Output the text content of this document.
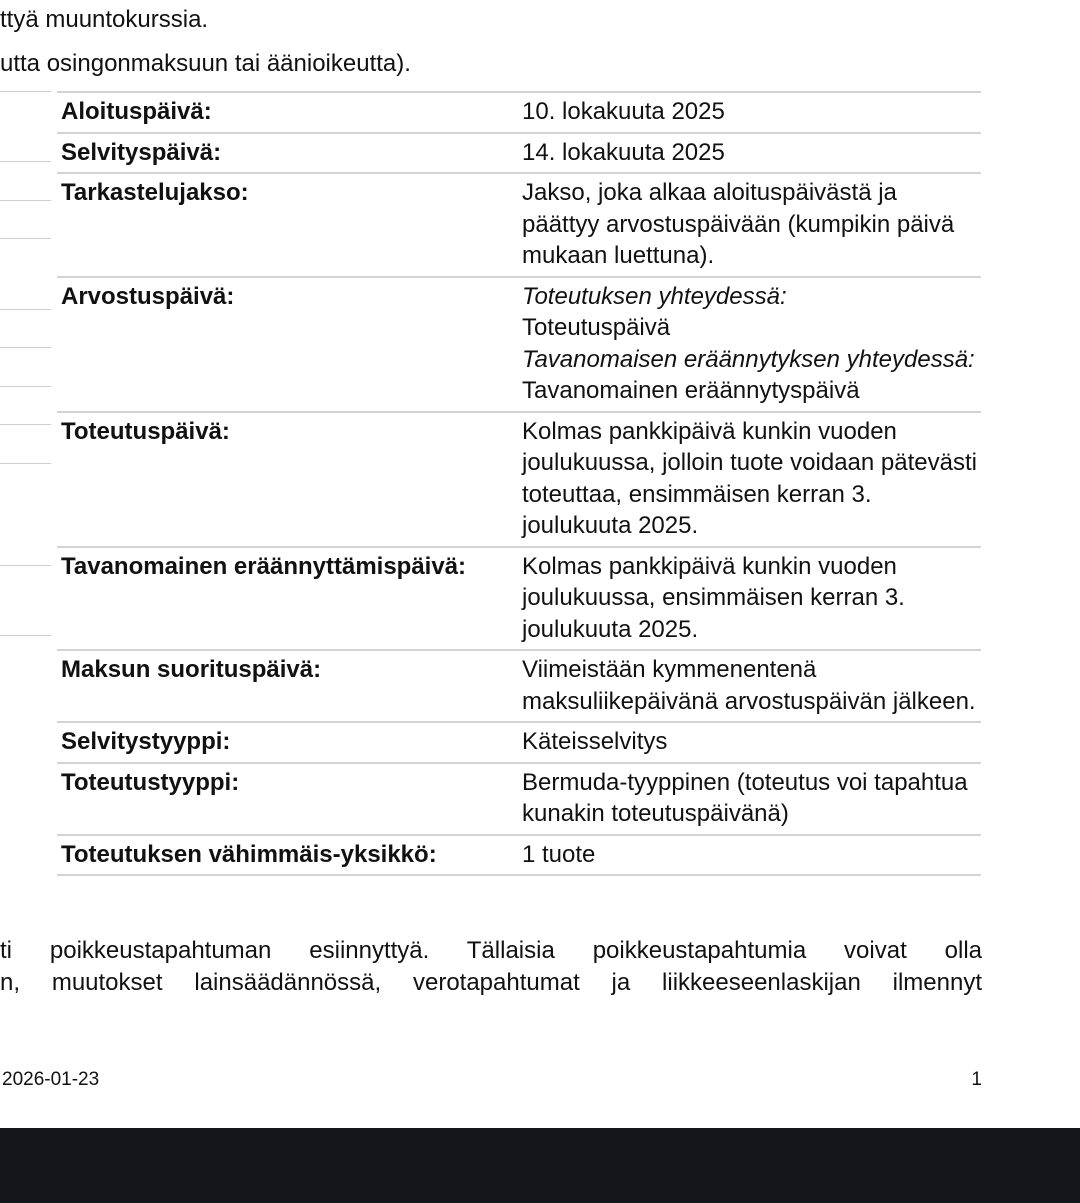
ttyä muuntokurssia.
utta osingonmaksuun tai äänioikeutta).
Aloituspäivä:	10. lokakuuta 2025
Selvityspäivä:	14. lokakuuta 2025
Tarkastelujakso:	Jakso, joka alkaa aloituspäivästä ja päättyy arvostuspäivään (kumpikin päivä mukaan luettuna).
Arvostuspäivä:	Toteutuksen yhteydessä:
Toteutuspäivä
Tavanomaisen eräännytyksen yhteydessä:
Tavanomainen eräännytyspäivä

Toteutuspäivä:	Kolmas pankkipäivä kunkin vuoden joulukuussa, jolloin tuote voidaan pätevästi toteuttaa, ensimmäisen kerran 3. joulukuuta 2025.
Tavanomainen eräännyttämispäivä:	Kolmas pankkipäivä kunkin vuoden joulukuussa, ensimmäisen kerran 3. joulukuuta 2025.
Maksun suorituspäivä:	Viimeistään kymmenentenä maksuliikepäivänä arvostuspäivän jälkeen.
Selvitystyyppi:	Käteisselvitys
Toteutustyyppi:	Bermuda-tyyppinen (toteutus voi tapahtua kunakin toteutuspäivänä)
Toteutuksen vähimmäis-yksikkö:	1 tuote
ti poikkeustapahtuman esiinnyttyä. Tällaisia poikkeustapahtumia voivat olla
n, muutokset lainsäädännössä, verotapahtumat ja liikkeeseenlaskijan ilmennyt
2026-01-23	1
